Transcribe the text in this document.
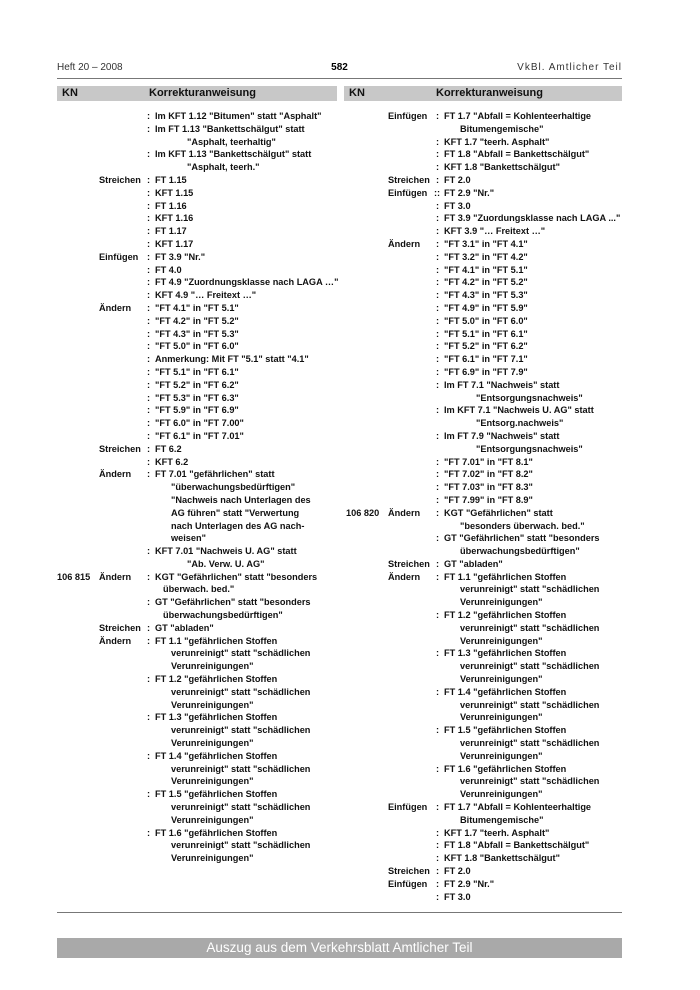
Heft 20 – 2008	582	VkBl. Amtlicher Teil
KN	Korrekturanweisung	KN	Korrekturanweisung
: Im KFT 1.12 "Bitumen" statt "Asphalt"
: Im FT 1.13 "Bankettschälgut" statt
"Asphalt, teerhaltig"
: Im KFT 1.13 "Bankettschälgut" statt
"Asphalt, teerh."
Streichen : FT 1.15
: KFT 1.15
: FT 1.16
: KFT 1.16
: FT 1.17
: KFT 1.17
Einfügen : FT 3.9 "Nr."
: FT 4.0
: FT 4.9 "Zuordnungsklasse nach LAGA …"
: KFT 4.9 "… Freitext …"
Ändern : "FT 4.1" in "FT 5.1"
: "FT 4.2" in "FT 5.2"
: "FT 4.3" in "FT 5.3"
: "FT 5.0" in "FT 6.0"
: Anmerkung: Mit FT "5.1" statt "4.1"
: "FT 5.1" in "FT 6.1"
: "FT 5.2" in "FT 6.2"
: "FT 5.3" in "FT 6.3"
: "FT 5.9" in "FT 6.9"
: "FT 6.0" in "FT 7.00"
: "FT 6.1" in "FT 7.01"
Streichen : FT 6.2
: KFT 6.2
Ändern : FT 7.01 "gefährlichen" statt
"überwachungsbedürftigen"
"Nachweis nach Unterlagen des
AG führen" statt "Verwertung
nach Unterlagen des AG nach-
weisen"
: KFT 7.01 "Nachweis U. AG" statt
"Ab. Verw. U. AG"
106 815 Ändern : KGT "Gefährlichen" statt "besonders
überwach. bed."
: GT "Gefährlichen" statt "besonders
überwachungsbedürftigen"
Streichen : GT "abladen"
Ändern : FT 1.1 "gefährlichen Stoffen
verunreinigt" statt "schädlichen
Verunreinigungen"
: FT 1.2 "gefährlichen Stoffen
verunreinigt" statt "schädlichen
Verunreinigungen"
: FT 1.3 "gefährlichen Stoffen
verunreinigt" statt "schädlichen
Verunreinigungen"
: FT 1.4 "gefährlichen Stoffen
verunreinigt" statt "schädlichen
Verunreinigungen"
: FT 1.5 "gefährlichen Stoffen
verunreinigt" statt "schädlichen
Verunreinigungen"
: FT 1.6 "gefährlichen Stoffen
verunreinigt" statt "schädlichen
Verunreinigungen"
Einfügen : FT 1.7 "Abfall = Kohlenteerhaltige
Bitumengemische"
: KFT 1.7 "teerh. Asphalt"
: FT 1.8 "Abfall = Bankettschälgut"
: KFT 1.8 "Bankettschälgut"
Streichen : FT 2.0
Einfügen :: FT 2.9 "Nr."
: FT 3.0
: FT 3.9 "Zuordungsklasse nach LAGA ..."
: KFT 3.9 "… Freitext …"
Ändern : "FT 3.1" in "FT 4.1"
: "FT 3.2" in "FT 4.2"
: "FT 4.1" in "FT 5.1"
: "FT 4.2" in "FT 5.2"
: "FT 4.3" in "FT 5.3"
: "FT 4.9" in "FT 5.9"
: "FT 5.0" in "FT 6.0"
: "FT 5.1" in "FT 6.1"
: "FT 5.2" in "FT 6.2"
: "FT 6.1" in "FT 7.1"
: "FT 6.9" in "FT 7.9"
: Im FT 7.1 "Nachweis" statt
"Entsorgungsnachweis"
: Im KFT 7.1 "Nachweis U. AG" statt
"Entsorg.nachweis"
: Im FT 7.9 "Nachweis" statt
"Entsorgungsnachweis"
: "FT 7.01" in "FT 8.1"
: "FT 7.02" in "FT 8.2"
: "FT 7.03" in "FT 8.3"
: "FT 7.99" in "FT 8.9"
106 820 Ändern : KGT "Gefährlichen" statt
"besonders überwach. bed."
: GT "Gefährlichen" statt "besonders
überwachungsbedürftigen"
Streichen : GT "abladen"
Ändern : FT 1.1 "gefährlichen Stoffen
verunreinigt" statt "schädlichen
Verunreinigungen"
: FT 1.2 "gefährlichen Stoffen
verunreinigt" statt "schädlichen
Verunreinigungen"
: FT 1.3 "gefährlichen Stoffen
verunreinigt" statt "schädlichen
Verunreinigungen"
: FT 1.4 "gefährlichen Stoffen
verunreinigt" statt "schädlichen
Verunreinigungen"
: FT 1.5 "gefährlichen Stoffen
verunreinigt" statt "schädlichen
Verunreinigungen"
: FT 1.6 "gefährlichen Stoffen
verunreinigt" statt "schädlichen
Verunreinigungen"
Einfügen : FT 1.7 "Abfall = Kohlenteerhaltige
Bitumengemische"
: KFT 1.7 "teerh. Asphalt"
: FT 1.8 "Abfall = Bankettschälgut"
: KFT 1.8 "Bankettschälgut"
Streichen : FT 2.0
Einfügen : FT 2.9 "Nr."
: FT 3.0
Auszug aus dem Verkehrsblatt Amtlicher Teil
